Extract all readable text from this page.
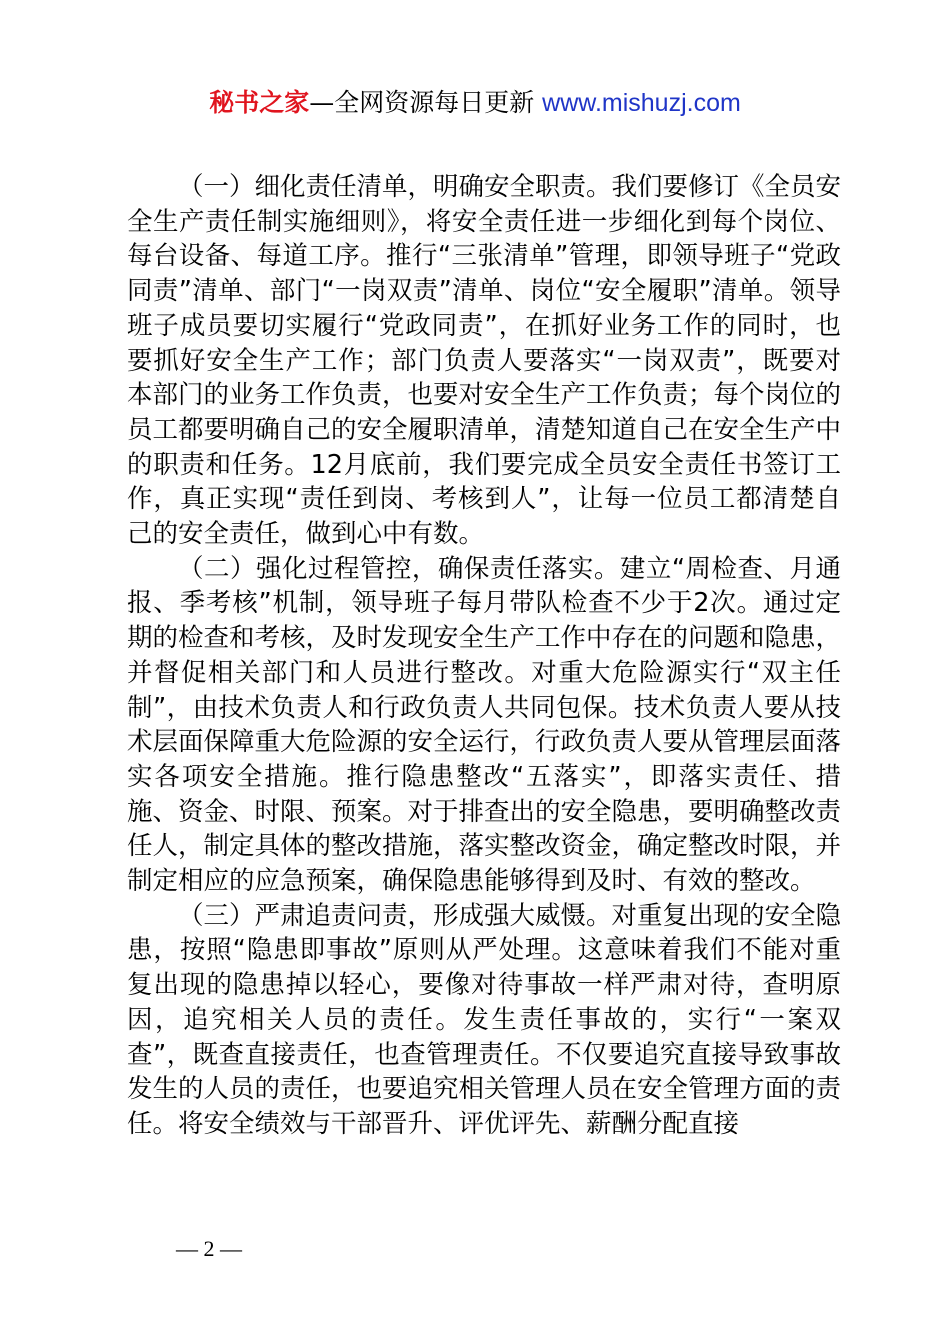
秘书之家—全网资源每日更新 www.mishuzj.com

（一）细化责任清单，明确安全职责。我们要修订《全员安全生产责任制实施细则》，将安全责任进一步细化到每个岗位、每台设备、每道工序。推行“三张清单”管理，即领导班子“党政同责”清单、部门“一岗双责”清单、岗位“安全履职”清单。领导班子成员要切实履行“党政同责”，在抓好业务工作的同时，也要抓好安全生产工作；部门负责人要落实“一岗双责”，既要对本部门的业务工作负责，也要对安全生产工作负责；每个岗位的员工都要明确自己的安全履职清单，清楚知道自己在安全生产中的职责和任务。12月底前，我们要完成全员安全责任书签订工作，真正实现“责任到岗、考核到人”，让每一位员工都清楚自己的安全责任，做到心中有数。

（二）强化过程管控，确保责任落实。建立“周检查、月通报、季考核”机制，领导班子每月带队检查不少于2次。通过定期的检查和考核，及时发现安全生产工作中存在的问题和隐患，并督促相关部门和人员进行整改。对重大危险源实行“双主任制”，由技术负责人和行政负责人共同包保。技术负责人要从技术层面保障重大危险源的安全运行，行政负责人要从管理层面落实各项安全措施。推行隐患整改“五落实”，即落实责任、措施、资金、时限、预案。对于排查出的安全隐患，要明确整改责任人，制定具体的整改措施，落实整改资金，确定整改时限，并制定相应的应急预案，确保隐患能够得到及时、有效的整改。

（三）严肃追责问责，形成强大威慑。对重复出现的安全隐患，按照“隐患即事故”原则从严处理。这意味着我们不能对重复出现的隐患掉以轻心，要像对待事故一样严肃对待，查明原因，追究相关人员的责任。发生责任事故的，实行“一案双查”，既查直接责任，也查管理责任。不仅要追究直接导致事故发生的人员的责任，也要追究相关管理人员在安全管理方面的责任。将安全绩效与干部晋升、评优评先、薪酬分配直接

— 2 —
